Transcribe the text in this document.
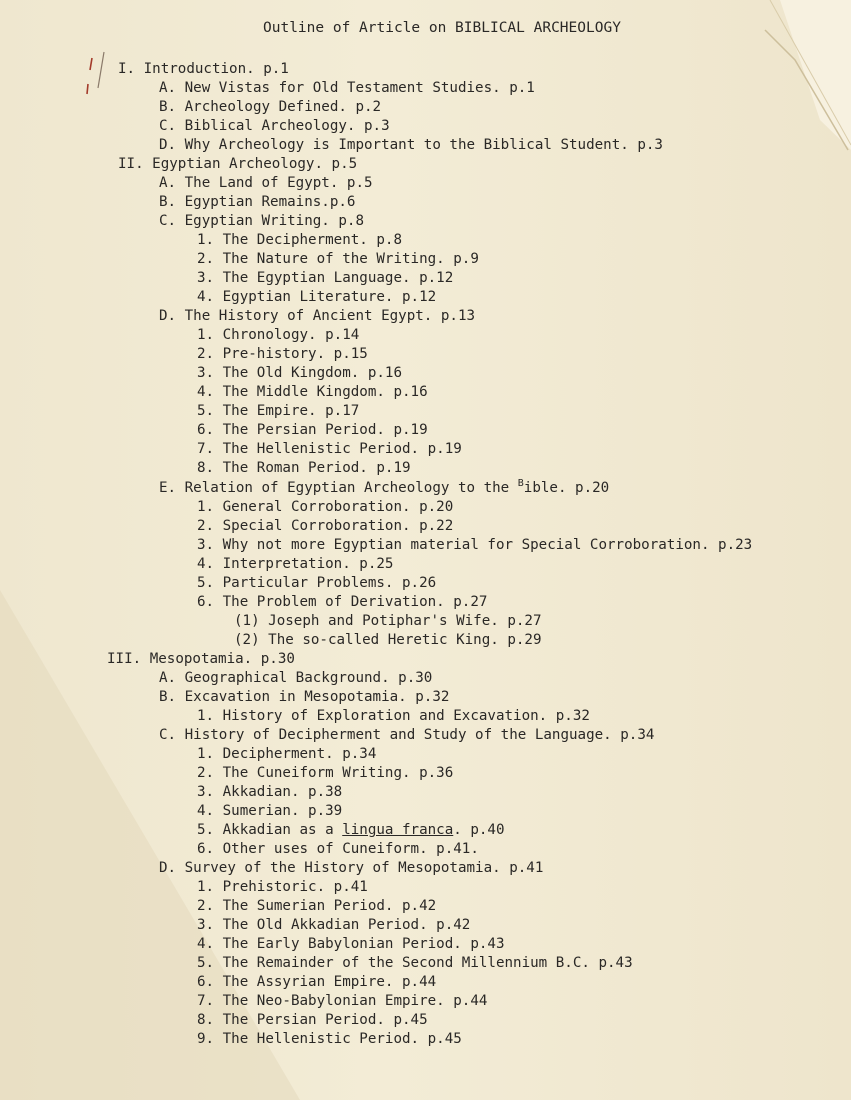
Outline of Article on BIBLICAL ARCHEOLOGY
I. Introduction. p.1
A. New Vistas for Old Testament Studies. p.1
B. Archeology Defined. p.2
C. Biblical Archeology. p.3
D. Why Archeology is Important to the Biblical Student. p.3
II. Egyptian Archeology. p.5
A. The Land of Egypt. p.5
B. Egyptian Remains.p.6
C. Egyptian Writing. p.8
1. The Decipherment. p.8
2. The Nature of the Writing. p.9
3. The Egyptian Language. p.12
4. Egyptian Literature. p.12
D. The History of Ancient Egypt. p.13
1. Chronology. p.14
2. Pre-history. p.15
3. The Old Kingdom. p.16
4. The Middle Kingdom. p.16
5. The Empire. p.17
6. The Persian Period. p.19
7. The Hellenistic Period. p.19
8. The Roman Period. p.19
E. Relation of Egyptian Archeology to the $^B$ible. p.20
1. General Corroboration. p.20
2. Special Corroboration. p.22
3. Why not more Egyptian material for Special Corroboration. p.23
4. Interpretation. p.25
5. Particular Problems. p.26
6. The Problem of Derivation. p.27
(1) Joseph and Potiphar's Wife. p.27
(2) The so-called Heretic King. p.29
III. Mesopotamia. p.30
A. Geographical Background. p.30
B. Excavation in Mesopotamia. p.32
1. History of Exploration and Excavation. p.32
C. History of Decipherment and Study of the Language. p.34
1. Decipherment. p.34
2. The Cuneiform Writing. p.36
3. Akkadian. p.38
4. Sumerian. p.39
5. Akkadian as a lingua franca. p.40
6. Other uses of Cuneiform. p.41.
D. Survey of the History of Mesopotamia. p.41
1. Prehistoric. p.41
2. The Sumerian Period. p.42
3. The Old Akkadian Period. p.42
4. The Early Babylonian Period. p.43
5. The Remainder of the Second Millennium B.C. p.43
6. The Assyrian Empire. p.44
7. The Neo-Babylonian Empire. p.44
8. The Persian Period. p.45
9. The Hellenistic Period. p.45
